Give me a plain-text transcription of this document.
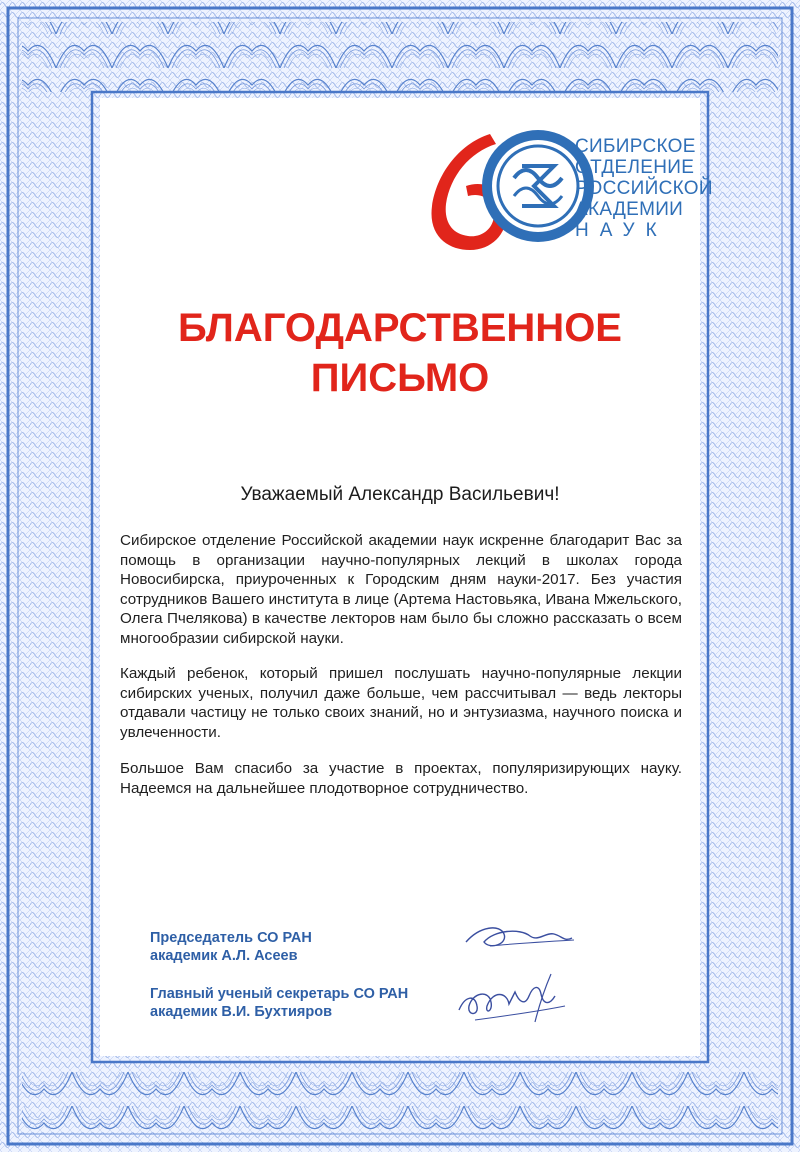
СИБИРСКОЕ
ОТДЕЛЕНИЕ
РОССИЙСКОЙ
АКАДЕМИИ
НАУК
БЛАГОДАРСТВЕННОЕ
ПИСЬМО
Уважаемый Александр Васильевич!
Сибирское отделение Российской академии наук искренне благодарит Вас за помощь в организации научно-популярных лекций в школах города Новосибирска, приуроченных к Городским дням науки-2017. Без участия сотрудников Вашего института в лице (Артема Настовьяка, Ивана Мжельского, Олега Пчелякова) в качестве лекторов нам было бы сложно рассказать о всем многообразии сибирской науки.
Каждый ребенок, который пришел послушать научно-популярные лекции сибирских ученых, получил даже больше, чем рассчитывал — ведь лекторы отдавали частицу не только своих знаний, но и энтузиазма, научного поиска и увлеченности.
Большое Вам спасибо за участие в проектах, популяризирующих науку. Надеемся на дальнейшее плодотворное сотрудничество.
Председатель СО РАН
академик А.Л. Асеев
Главный ученый секретарь СО РАН
академик В.И. Бухтияров
